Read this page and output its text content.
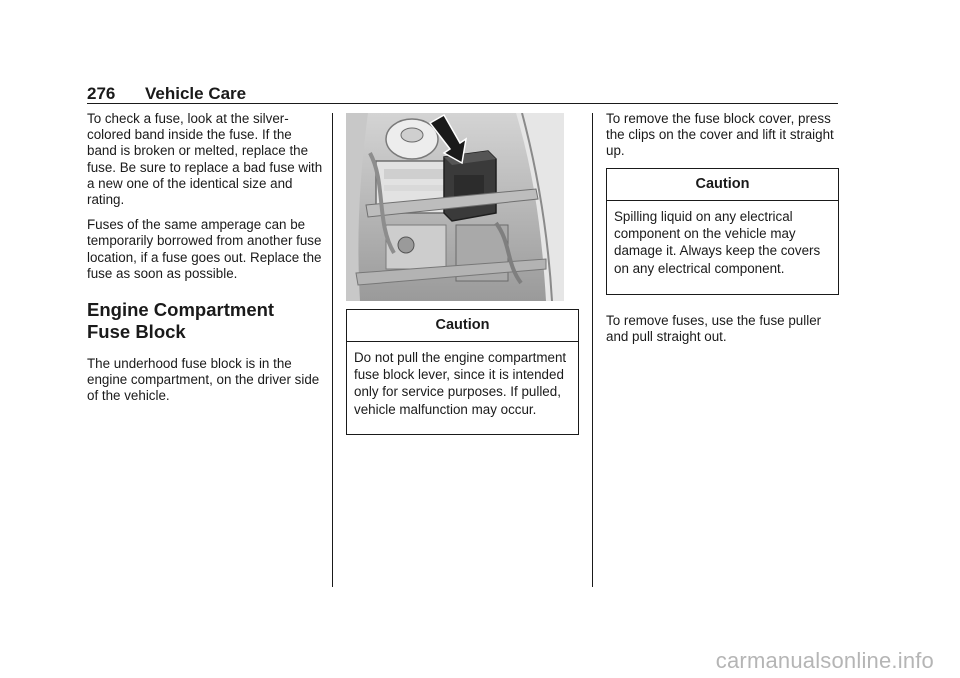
276 Vehicle Care

To check a fuse, look at the silver-colored band inside the fuse. If the band is broken or melted, replace the fuse. Be sure to replace a bad fuse with a new one of the identical size and rating.

Fuses of the same amperage can be temporarily borrowed from another fuse location, if a fuse goes out. Replace the fuse as soon as possible.

Engine Compartment
Fuse Block

The underhood fuse block is in the engine compartment, on the driver side of the vehicle.

Caution
Do not pull the engine compartment fuse block lever, since it is intended only for service purposes. If pulled, vehicle malfunction may occur.

To remove the fuse block cover, press the clips on the cover and lift it straight up.

To remove fuses, use the fuse puller and pull straight out.

Caution
Spilling liquid on any electrical component on the vehicle may damage it. Always keep the covers on any electrical component.
carmanualsonline.info
